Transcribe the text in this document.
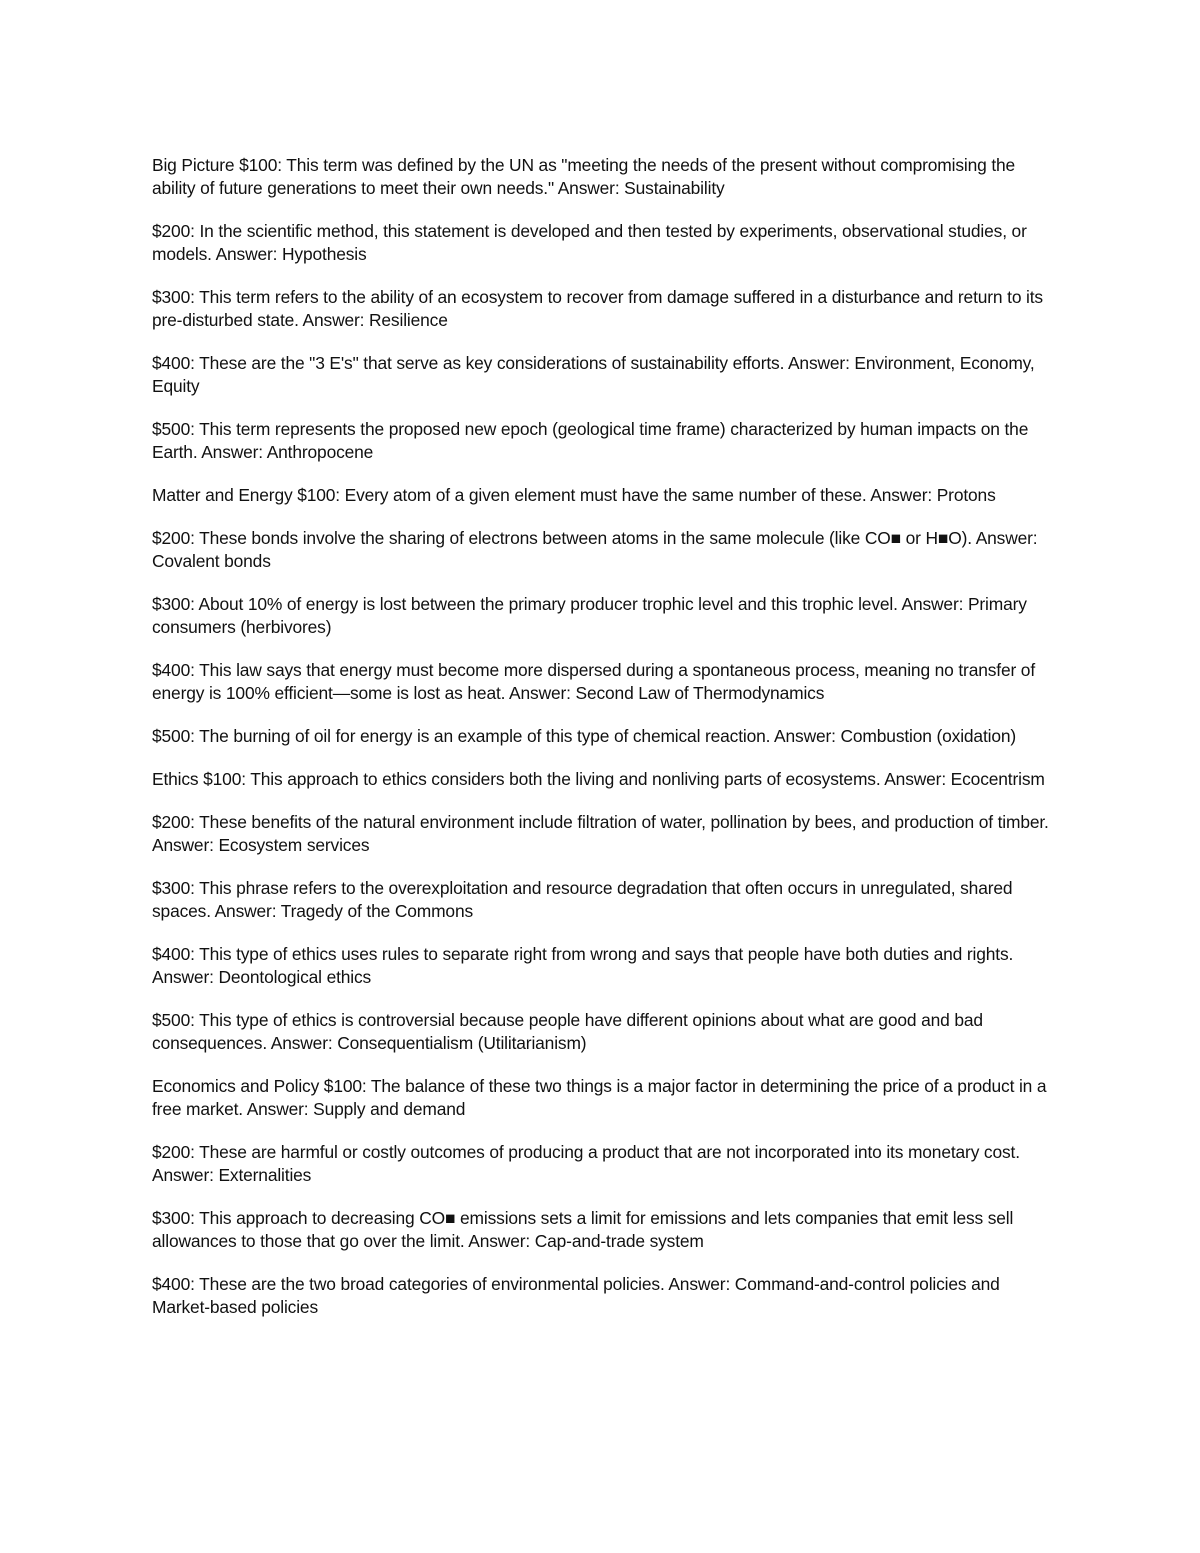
Big Picture $100: This term was defined by the UN as "meeting the needs of the present without compromising the ability of future generations to meet their own needs." Answer: Sustainability

$200: In the scientific method, this statement is developed and then tested by experiments, observational studies, or models. Answer: Hypothesis

$300: This term refers to the ability of an ecosystem to recover from damage suffered in a disturbance and return to its pre-disturbed state. Answer: Resilience

$400: These are the "3 E's" that serve as key considerations of sustainability efforts. Answer: Environment, Economy, Equity

$500: This term represents the proposed new epoch (geological time frame) characterized by human impacts on the Earth. Answer: Anthropocene

Matter and Energy $100: Every atom of a given element must have the same number of these. Answer: Protons

$200: These bonds involve the sharing of electrons between atoms in the same molecule (like CO■ or H■O). Answer: Covalent bonds

$300: About 10% of energy is lost between the primary producer trophic level and this trophic level. Answer: Primary consumers (herbivores)

$400: This law says that energy must become more dispersed during a spontaneous process, meaning no transfer of energy is 100% efficient—some is lost as heat. Answer: Second Law of Thermodynamics

$500: The burning of oil for energy is an example of this type of chemical reaction. Answer: Combustion (oxidation)

Ethics $100: This approach to ethics considers both the living and nonliving parts of ecosystems. Answer: Ecocentrism

$200: These benefits of the natural environment include filtration of water, pollination by bees, and production of timber. Answer: Ecosystem services

$300: This phrase refers to the overexploitation and resource degradation that often occurs in unregulated, shared spaces. Answer: Tragedy of the Commons

$400: This type of ethics uses rules to separate right from wrong and says that people have both duties and rights. Answer: Deontological ethics

$500: This type of ethics is controversial because people have different opinions about what are good and bad consequences. Answer: Consequentialism (Utilitarianism)

Economics and Policy $100: The balance of these two things is a major factor in determining the price of a product in a free market. Answer: Supply and demand

$200: These are harmful or costly outcomes of producing a product that are not incorporated into its monetary cost. Answer: Externalities

$300: This approach to decreasing CO■ emissions sets a limit for emissions and lets companies that emit less sell allowances to those that go over the limit. Answer: Cap-and-trade system

$400: These are the two broad categories of environmental policies. Answer: Command-and-control policies and Market-based policies
